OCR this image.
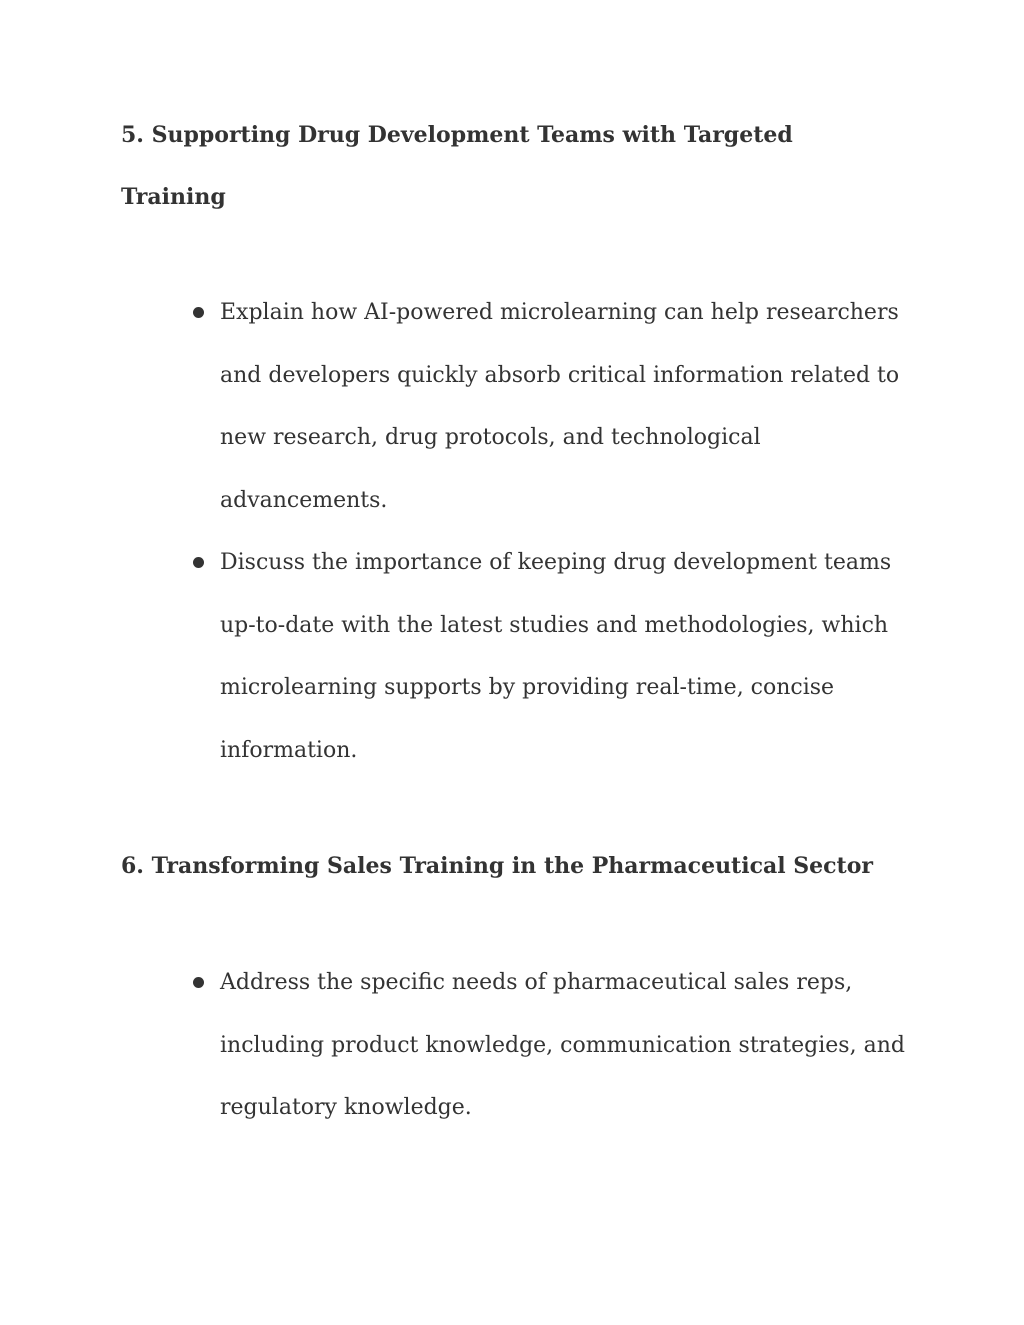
5. Supporting Drug Development Teams with Targeted
Training
Explain how AI-powered microlearning can help researchers
and developers quickly absorb critical information related to
new research, drug protocols, and technological
advancements.
Discuss the importance of keeping drug development teams
up-to-date with the latest studies and methodologies, which
microlearning supports by providing real-time, concise
information.
6. Transforming Sales Training in the Pharmaceutical Sector
Address the specific needs of pharmaceutical sales reps,
including product knowledge, communication strategies, and
regulatory knowledge.
